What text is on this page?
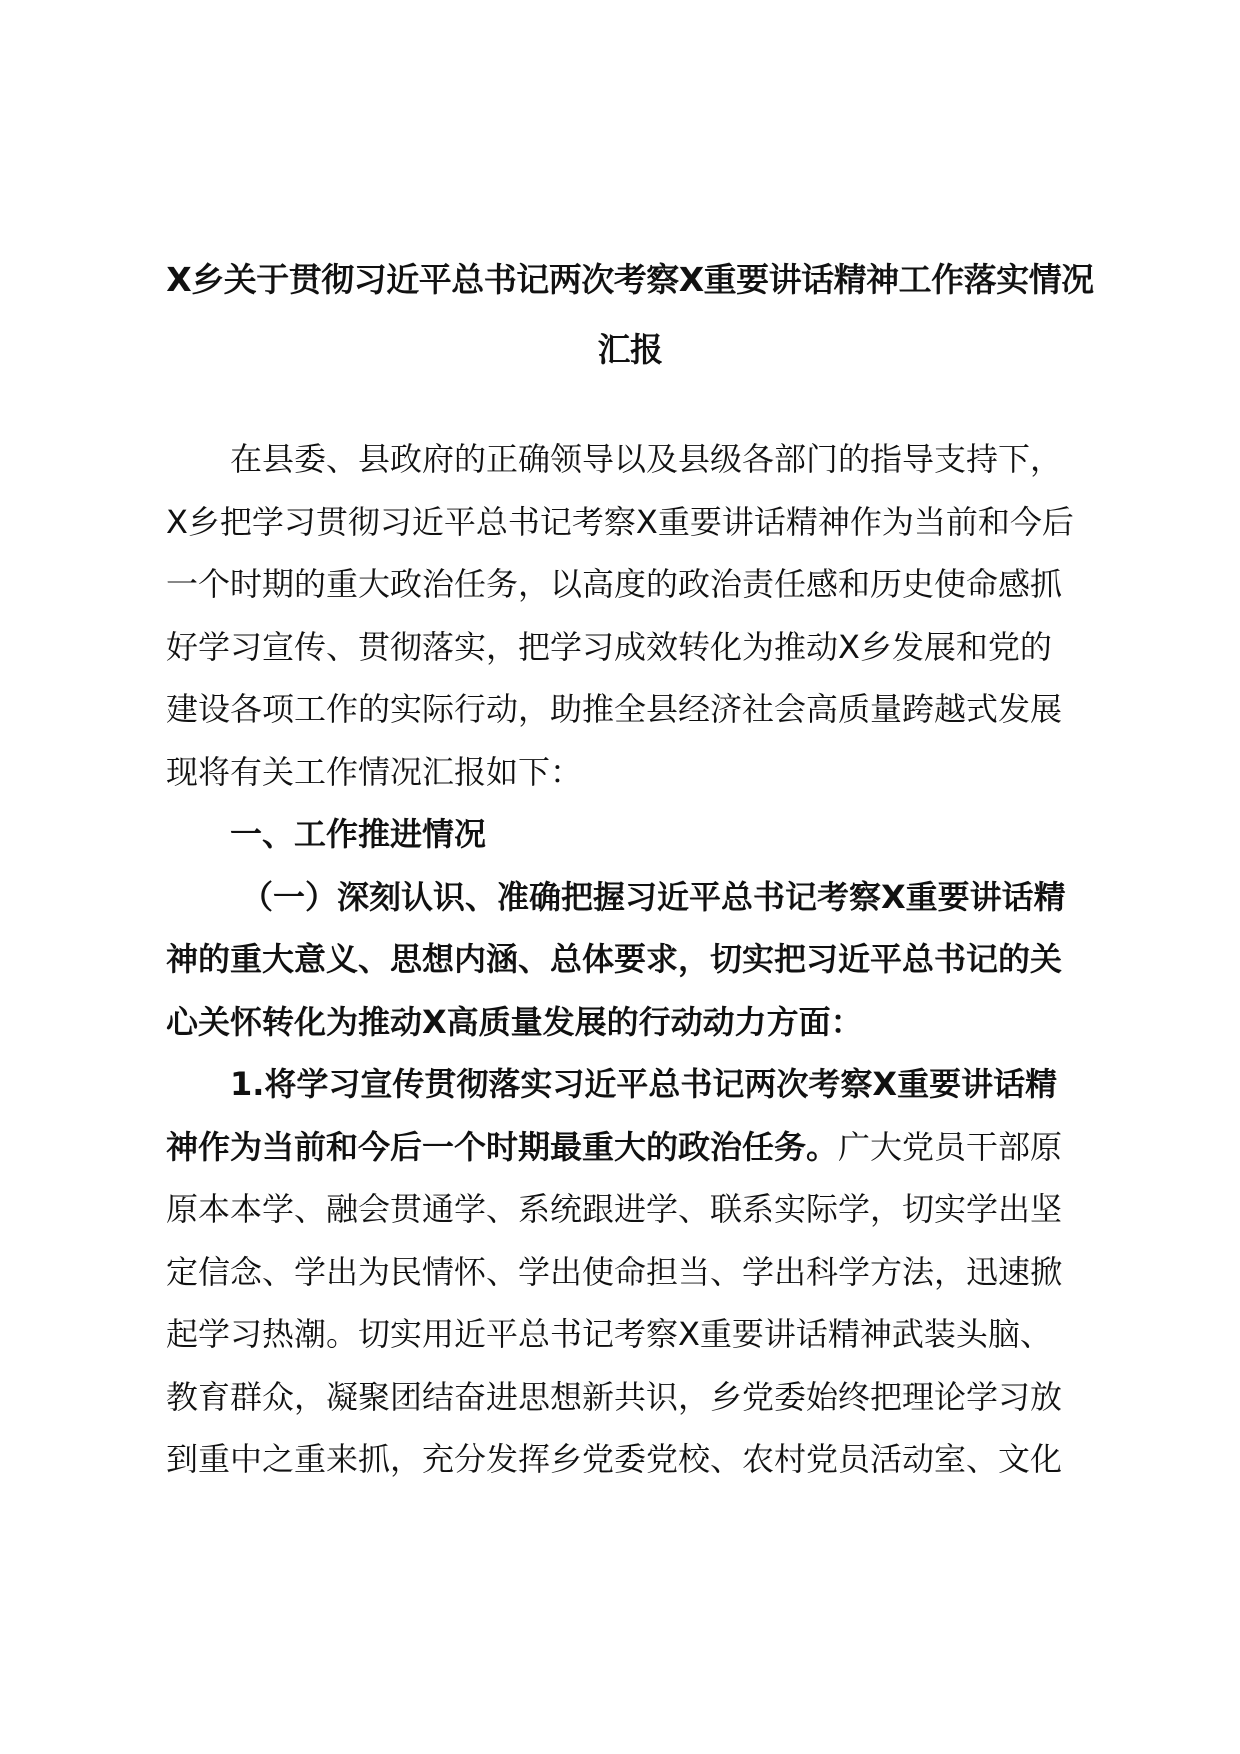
X乡关于贯彻习近平总书记两次考察X重要讲话精神工作落实情况
汇报
在县委、县政府的正确领导以及县级各部门的指导支持下，
X乡把学习贯彻习近平总书记考察X重要讲话精神作为当前和今后
一个时期的重大政治任务，以高度的政治责任感和历史使命感抓
好学习宣传、贯彻落实，把学习成效转化为推动X乡发展和党的
建设各项工作的实际行动，助推全县经济社会高质量跨越式发展
现将有关工作情况汇报如下：
一、工作推进情况
（一）深刻认识、准确把握习近平总书记考察X重要讲话精
神的重大意义、思想内涵、总体要求，切实把习近平总书记的关
心关怀转化为推动X高质量发展的行动动力方面：
1.将学习宣传贯彻落实习近平总书记两次考察X重要讲话精
神作为当前和今后一个时期最重大的政治任务。广大党员干部原
原本本学、融会贯通学、系统跟进学、联系实际学，切实学出坚
定信念、学出为民情怀、学出使命担当、学出科学方法，迅速掀
起学习热潮。切实用近平总书记考察X重要讲话精神武装头脑、
教育群众，凝聚团结奋进思想新共识，乡党委始终把理论学习放
到重中之重来抓，充分发挥乡党委党校、农村党员活动室、文化
